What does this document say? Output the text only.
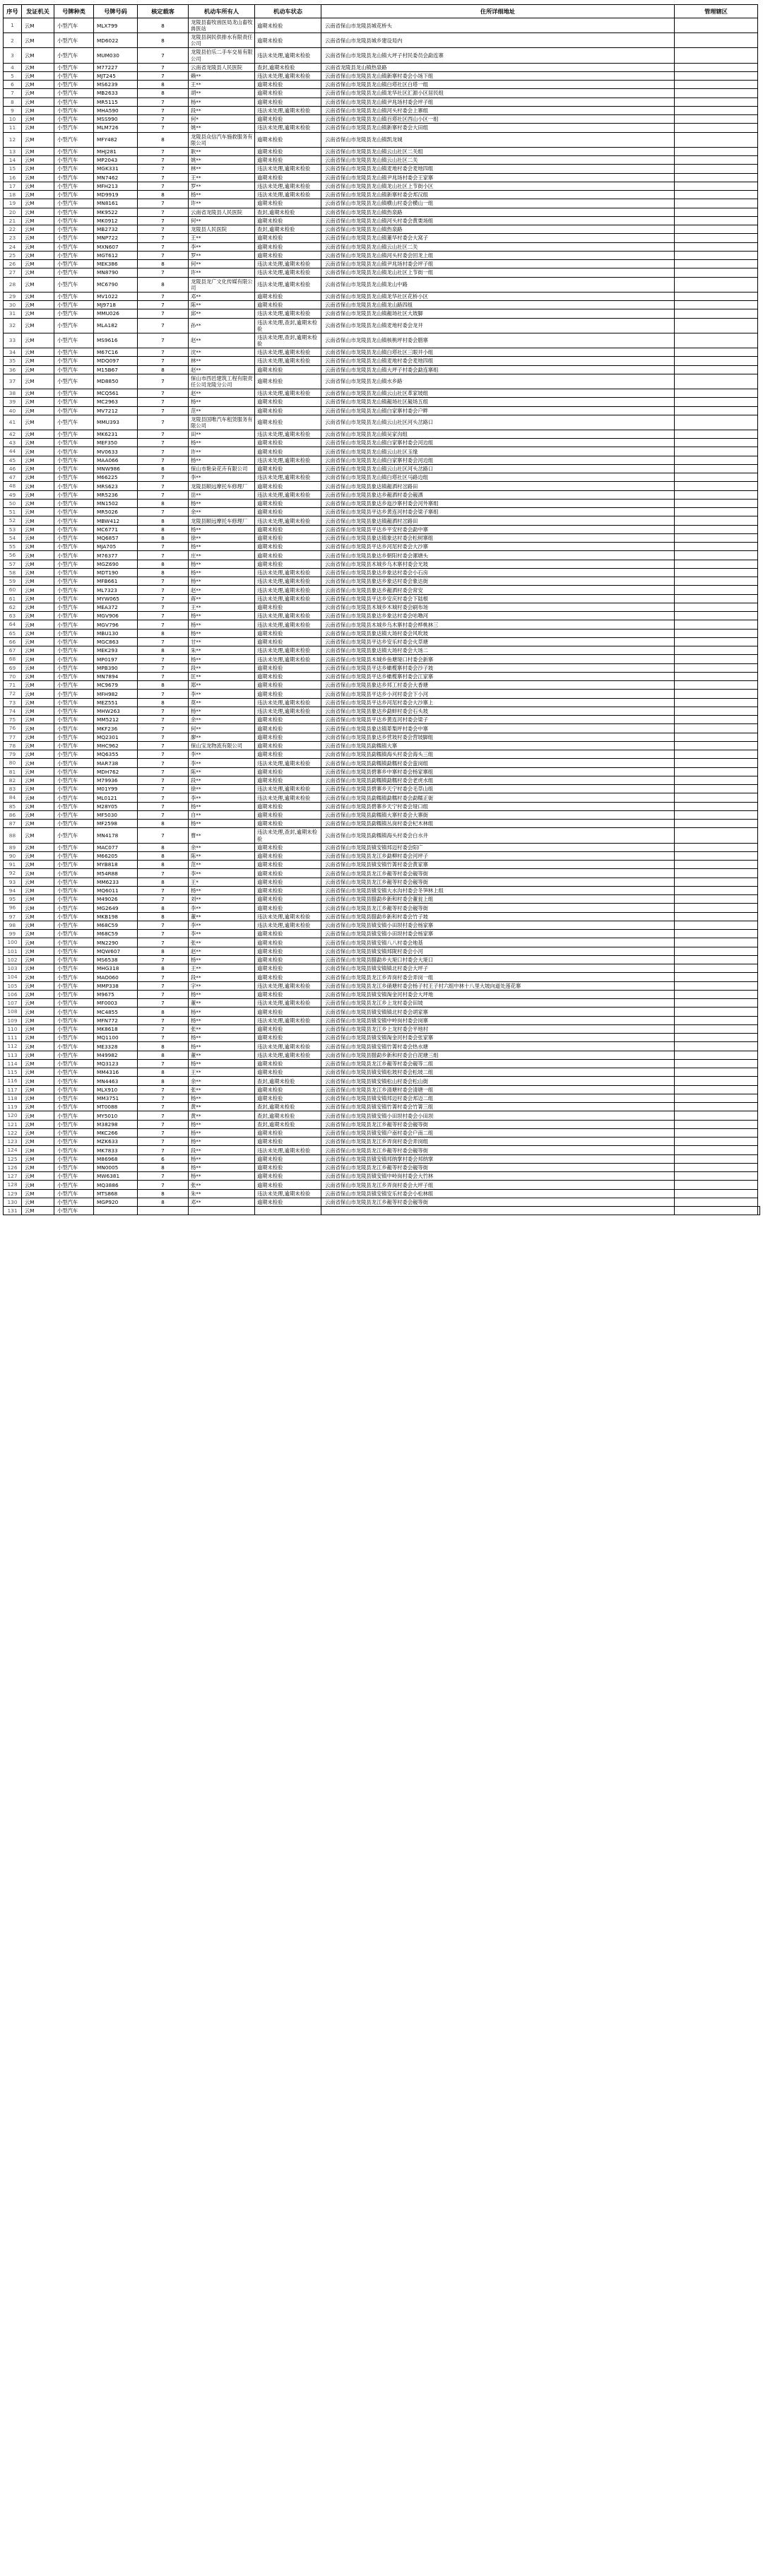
序号	发证机关	号牌种类	号牌号码	核定载客	机动车所有人	机动车状态	住所详细地址	管理辖区	
1	云M	小型汽车	MLX799	8	龙陵县畜牧兽医局龙山畜牧兽医站	逾期未检验	云南省保山市龙陵县城花桥头		
2	云M	小型汽车	MD6022	8	龙陵县润民供排水有限责任公司	逾期未检验	云南省保山市龙陵县城乡建设局内		
3	云M	小型汽车	MUM030	7	龙陵县伯乐二手车交易有限公司	违法未处理,逾期未检验	云南省保山市龙陵县龙山镇大坪子村民委员会勐连寨		
4	云M	小型汽车	M77227	7	云南省龙陵县人民医院	查封,逾期未检验	云南省龙陵县龙山镇热泉路		
5	云M	小型汽车	MJT245	7	赖**	违法未处理,逾期未检验	云南省保山市龙陵县龙山镇新寨村委会小场下组		
6	云M	小型汽车	MS6239	8	王**	逾期未检验	云南省保山市龙陵县龙山镇白塔社区白塔一组		
7	云M	小型汽车	MB2633	8	胡**	逾期未检验	云南省保山市龙陵县龙山镇龙华社区汇源小区居民组		
8	云M	小型汽车	MR5115	7	杨**	逾期未检验	云南省保山市龙陵县龙山镇尹兆场村委会坪子组		
9	云M	小型汽车	MHA590	7	段**	违法未处理,逾期未检验	云南省保山市龙陵县龙山镇河头村委会上寨组		
10	云M	小型汽车	MSS990	7	何*	逾期未检验	云南省保山市龙陵县龙山镇百塔社区西山小区一组		
11	云M	小型汽车	MLM726	7	姚**	违法未处理,逾期未检验	云南省保山市龙陵县龙山镇新寨村委会大田组		
12	云M	小型汽车	MFY482	8	龙陵县众信汽车施救服务有限公司	逾期未检验	云南省保山市龙陵县龙山镇凯龙城		
13	云M	小型汽车	MHJ281	7	耿**	逾期未检验	云南省保山市龙陵县龙山镇云山社区二关组		
14	云M	小型汽车	MP2043	7	姚**	逾期未检验	云南省保山市龙陵县龙山镇云山社区二关		
15	云M	小型汽车	MGK331	7	林**	违法未处理,逾期未检验	云南省保山市龙陵县龙山镇麦地村委会麦地四组		
16	云M	小型汽车	MN7462	7	王**	逾期未检验	云南省保山市龙陵县龙山镇尹兆场村委会王家寨		
17	云M	小型汽车	MFH213	7	罗**	违法未处理,逾期未检验	云南省保山市龙陵县龙山镇龙山社区上节街小区		
18	云M	小型汽车	MD9919	8	杨**	违法未处理,逾期未检验	云南省保山市龙陵县龙山镇新寨村委会邦汉组		
19	云M	小型汽车	MN8161	7	许**	逾期未检验	云南省保山市龙陵县龙山镇横山村委会横山一组		
20	云M	小型汽车	MK9522	7	云南省龙陵县人民医院	查封,逾期未检验	云南省保山市龙陵县龙山镇热泉路		
21	云M	小型汽车	MK0912	7	何**	逾期未检验	云南省保山市龙陵县龙山镇河头村委会黄栗场组		
22	云M	小型汽车	MB2732	7	龙陵县人民医院	查封,逾期未检验	云南省保山市龙陵县龙山镇热泉路		
23	云M	小型汽车	MNP722	7	王**	逾期未检验	云南省保山市龙陵县龙山镇董华村委会大窝子		
24	云M	小型汽车	MXN607	7	李**	逾期未检验	云南省保山市龙陵县龙山镇云山社区二关		
25	云M	小型汽车	MGT612	7	罗**	逾期未检验	云南省保山市龙陵县龙山镇河头村委会回龙上组		
26	云M	小型汽车	MEK386	8	何**	违法未处理,逾期未检验	云南省保山市龙陵县龙山镇尹兆场村委会坪子组		
27	云M	小型汽车	MN8790	7	许**	违法未处理,逾期未检验	云南省保山市龙陵县龙山镇龙山社区上节街一组		
28	云M	小型汽车	MC6790	8	龙陵县龙广文化传媒有限公司	违法未处理,逾期未检验	云南省保山市龙陵县龙山镇龙山中路		
29	云M	小型汽车	MV1022	7	邓**	逾期未检验	云南省保山市龙陵县龙山镇龙华社区花桥小区		
30	云M	小型汽车	MJ9718	7	陈**	逾期未检验	云南省保山市龙陵县龙山镇龙山路四组		
31	云M	小型汽车	MMU026	7	邱**	违法未处理,逾期未检验	云南省保山市龙陵县龙山镇赧场社区大坡脚		
32	云M	小型汽车	MLA182	7	孙**	违法未处理,查封,逾期未检验	云南省保山市龙陵县龙山镇麦地村委会龙井		
33	云M	小型汽车	MS9616	7	赵**	违法未处理,查封,逾期未检验	云南省保山市龙陵县龙山镇核桃坪村委会腊寨		
34	云M	小型汽车	M67C16	7	沈**	违法未处理,逾期未检验	云南省保山市龙陵县龙山镇白塔社区三眼井小组		
35	云M	小型汽车	MDQ097	7	林**	违法未处理,逾期未检验	云南省保山市龙陵县龙山镇麦地村委会麦地四组		
36	云M	小型汽车	M15B67	8	赵**	逾期未检验	云南省保山市龙陵县龙山镇大坪子村委会勐连寨组		
37	云M	小型汽车	MD8850	7	保山市西邑建筑工程有限责任公司龙陵分公司	逾期未检验	云南省保山市龙陵县龙山镇水乡路		
38	云M	小型汽车	MCQ561	7	赵**	违法未处理,逾期未检验	云南省保山市龙陵县龙山镇云山社区革家坡组		
39	云M	小型汽车	MC2963	7	杨**	逾期未检验	云南省保山市龙陵县龙山镇赧场社区赧场五组		
40	云M	小型汽车	MV7212	7	范**	逾期未检验	云南省保山市龙陵县龙山镇白家寨村委会户畔		
41	云M	小型汽车	MMU393	7	龙陵县国唯汽车租赁服务有限公司	逾期未检验	云南省保山市龙陵县龙山镇云山社区河头岔路口		
42	云M	小型汽车	MK6231	7	田**	违法未处理,逾期未检验	云南省保山市龙陵县龙山镇吴家沟组		
43	云M	小型汽车	MEF350	7	杨**	逾期未检验	云南省保山市龙陵县龙山镇白家寨村委会河边组		
44	云M	小型汽车	MV0633	7	许**	逾期未检验	云南省保山市龙陵县龙山镇云山社区玉缘		
45	云M	小型汽车	MAA066	7	杨**	违法未处理,逾期未检验	云南省保山市龙陵县龙山镇白家寨村委会河边组		
46	云M	小型汽车	MNW986	8	保山市艳朵花卉有限公司	逾期未检验	云南省保山市龙陵县龙山镇云山社区河头岔路口		
47	云M	小型汽车	M66225	7	李**	违法未处理,逾期未检验	云南省保山市龙陵县龙山镇白塔社区马路边组		
48	云M	小型汽车	MRS623	7	龙陵县顺远摩托车修理厂	逾期未检验	云南省保山市龙陵县象达镇赧洒村岔路田		
49	云M	小型汽车	MR5236	7	岳**	违法未处理,逾期未检验	云南省保山市龙陵县象达乡赧洒村委会赧洒		
50	云M	小型汽车	MN1502	8	杨**	逾期未检验	云南省保山市龙陵县象达乡迤沙寨村委会河外寨组		
51	云M	小型汽车	MR5026	7	余**	逾期未检验	云南省保山市龙陵县平达乡黄连河村委会梁子寨组		
52	云M	小型汽车	MBW412	8	龙陵县顺远摩托车修理厂	违法未处理,逾期未检验	云南省保山市龙陵县象达镇赧洒村岔路田		
53	云M	小型汽车	MC6771	8	杨**	逾期未检验	云南省保山市龙陵县平达乡平安村委会勐中寨		
54	云M	小型汽车	MQ6857	8	徐**	逾期未检验	云南省保山市龙陵县象达镇象达村委会松树寨组		
55	云M	小型汽车	MJA705	7	杨**	逾期未检验	云南省保山市龙陵县平达乡河尾村委会大沙寨		
56	云M	小型汽车	M76377	7	庄**	逾期未检验	云南省保山市龙陵县象达乡朝阳村委会漯塘头		
57	云M	小型汽车	MGZ690	8	杨**	逾期未检验	云南省保山市龙陵县木城乡乌木寨村委会光坡		
58	云M	小型汽车	MDT190	8	杨**	违法未处理,逾期未检验	云南省保山市龙陵县象达乡象达村委会小石房		
59	云M	小型汽车	MFB661	7	杨**	违法未处理,逾期未检验	云南省保山市龙陵县象达乡象达村委会象达街		
60	云M	小型汽车	ML7323	7	赵**	违法未处理,逾期未检验	云南省保山市龙陵县象达乡赧洒村委会常安		
61	云M	小型汽车	MYW065	7	蒋**	违法未处理,逾期未检验	云南省保山市龙陵县平达乡安庆村委会下陆根		
62	云M	小型汽车	MEA372	7	王**	逾期未检验	云南省保山市龙陵县木城乡木城村委会刷布场		
63	云M	小型汽车	MGV906	7	杨**	违法未处理,逾期未检验	云南省保山市龙陵县象达乡象达村委会咕噜河		
64	云M	小型汽车	MGV796	7	杨**	违法未处理,逾期未检验	云南省保山市龙陵县木城乡乌木寨村委会桦桃林三		
65	云M	小型汽车	MBU130	8	杨**	逾期未检验	云南省保山市龙陵县象达镇大场村委会风吹坡		
66	云M	小型汽车	MGC863	7	甘**	逾期未检验	云南省保山市龙陵县平达乡安乐村委会火草塘		
67	云M	小型汽车	MEK293	8	朱**	违法未处理,逾期未检验	云南省保山市龙陵县象达镇大场村委会大场二		
68	云M	小型汽车	MP0197	7	杨**	违法未处理,逾期未检验	云南省保山市龙陵县木城乡鱼塘垭口村委会新寨		
69	云M	小型汽车	MPB390	7	段**	逾期未检验	云南省保山市龙陵县平达乡橄榄寨村委会沙子坡		
70	云M	小型汽车	MN7894	7	匡**	逾期未检验	云南省保山市龙陵县平达乡橄榄寨村委会江家寨		
71	云M	小型汽车	MC9679	8	郑**	逾期未检验	云南省保山市龙陵县象达乡邦工村委会大香塘		
72	云M	小型汽车	MFH982	7	李**	逾期未检验	云南省保山市龙陵县平达乡小河村委会下小河		
73	云M	小型汽车	MEZ551	8	莫**	违法未处理,逾期未检验	云南省保山市龙陵县平达乡河尾村委会大沙寨上		
74	云M	小型汽车	MHW263	7	杨**	违法未处理,逾期未检验	云南省保山市龙陵县象达乡勐蚌村委会石头坡		
75	云M	小型汽车	MM5212	7	余**	逾期未检验	云南省保山市龙陵县平达乡黄连河村委会梁子		
76	云M	小型汽车	MKF236	7	何**	逾期未检验	云南省保山市龙陵县象达镇萆梨坪村委会中寨		
77	云M	小型汽车	MQ2301	7	廖**	逾期未检验	云南省保山市龙陵县象达乡营坡村委会营坡脚组		
78	云M	小型汽车	MHC962	7	保山宝龙物流有限公司	逾期未检验	云南省保山市龙陵县勐糯镇大寨		
79	云M	小型汽车	MQ6355	7	李**	逾期未检验	云南省保山市龙陵县勐糯镇海头村委会海头三组		
80	云M	小型汽车	MAR738	7	李**	违法未处理,逾期未检验	云南省保山市龙陵县勐糯镇勐糯村委会蛮岗组		
81	云M	小型汽车	MDH762	7	陈**	逾期未检验	云南省保山市龙陵县碧寨乡中寨村委会杨家寨组		
82	云M	小型汽车	M79936	7	段**	逾期未检验	云南省保山市龙陵县勐糯镇勐糯村委会老虎水组		
83	云M	小型汽车	M01Y99	7	徐**	违法未处理,逾期未检验	云南省保山市龙陵县碧寨乡天宁村委会毛草山组		
84	云M	小型汽车	ML0121	7	李**	违法未处理,逾期未检验	云南省保山市龙陵县勐糯镇勐糯村委会勐糯正街		
85	云M	小型汽车	M28Y05	7	杨**	逾期未检验	云南省保山市龙陵县碧寨乡天宁村委会垭口组		
86	云M	小型汽车	MF5030	7	自**	逾期未检验	云南省保山市龙陵县勐糯镇大寨村委会大寨街		
87	云M	小型汽车	MF2598	8	杨**	逾期未检验	云南省保山市龙陵县勐糯镇丛岗村委会杞木林组		
88	云M	小型汽车	MN4178	7	曹**	违法未处理,查封,逾期未检验	云南省保山市龙陵县勐糯镇海头村委会白水井		
89	云M	小型汽车	MAC077	8	余**	逾期未检验	云南省保山市龙陵县镇安镇邦迈村委会阳广		
90	云M	小型汽车	M66205	8	陈**	逾期未检验	云南省保山市龙陵县龙江乡勐柳村委会河坪子		
91	云M	小型汽车	MYB818	8	范**	逾期未检验	云南省保山市龙陵县镇安镇竹箐村委会黄家寨		
92	云M	小型汽车	M54R88	7	李**	逾期未检验	云南省保山市龙陵县龙江乡赧等村委会赧等街		
93	云M	小型汽车	MM6233	8	王*	逾期未检验	云南省保山市龙陵县龙江乡赧等村委会赧等街		
94	云M	小型汽车	MQ6011	7	杨**	逾期未检验	云南省保山市龙陵县镇安镇大水沟村委会冬笋林上组		
95	云M	小型汽车	M49026	7	刘**	逾期未检验	云南省保山市龙陵县腊勐乡新和村委会董瓮上组		
96	云M	小型汽车	MG2649	8	李**	逾期未检验	云南省保山市龙陵县龙江乡赧等村委会赧等街		
97	云M	小型汽车	MKB198	8	董**	违法未处理,逾期未检验	云南省保山市龙陵县腊勐乡新和村委会竹子坡		
98	云M	小型汽车	M68C59	7	李**	违法未处理,逾期未检验	云南省保山市龙陵县镇安镇小田坝村委会杨家寨		
99	云M	小型汽车	M68C59	7	李**	逾期未检验	云南省保山市龙陵县镇安镇小田坝村委会杨家寨		
100	云M	小型汽车	MN2290	7	张**	逾期未检验	云南省保山市龙陵县镇安镇八八村委会地基		
101	云M	小型汽车	MQW607	8	赵**	逾期未检验	云南省保山市龙陵县镇安镇邦陇村委会小河		
102	云M	小型汽车	MS6538	7	杨**	逾期未检验	云南省保山市龙陵县腊勐乡大垭口村委会大垭口		
103	云M	小型汽车	MHG318	8	王**	逾期未检验	云南省保山市龙陵县镇安镇镇北村委会大坪子		
104	云M	小型汽车	MAO060	7	段**	逾期未检验	云南省保山市龙陵县龙江乡弄岗村委会弄岗一组		
105	云M	小型汽车	MMP338	7	字**	违法未处理,逾期未检验	云南省保山市龙陵县龙江乡硝塘村委会杨子村王子村六组中林十八里大坡向道处莲花寨		
106	云M	小型汽车	M9675	7	杨**	逾期未检验	云南省保山市龙陵县镇安镇淘金河村委会大坪地		
107	云M	小型汽车	MF0003	7	董**	违法未处理,逾期未检验	云南省保山市龙陵县龙江乡上龙村委会田坡		
108	云M	小型汽车	MC4855	8	杨**	逾期未检验	云南省保山市龙陵县镇安镇镇北村委会胡家寨		
109	云M	小型汽车	MFN772	7	杨**	违法未处理,逾期未检验	云南省保山市龙陵县镇安镇中岭岗村委会岗寨		
110	云M	小型汽车	MK8618	7	张**	逾期未检验	云南省保山市龙陵县龙江乡上龙村委会平地村		
111	云M	小型汽车	MQ1100	7	杨**	逾期未检验	云南省保山市龙陵县镇安镇淘金河村委会张家寨		
112	云M	小型汽车	ME3328	8	杨**	违法未处理,逾期未检验	云南省保山市龙陵县镇安镇竹箐村委会热水塘		
113	云M	小型汽车	M49982	8	董**	违法未处理,逾期未检验	云南省保山市龙陵县腊勐乡新和村委会白泥塘三组		
114	云M	小型汽车	MQ3123	7	杨**	逾期未检验	云南省保山市龙陵县龙江乡赧等村委会赧等二组		
115	云M	小型汽车	MM4316	8	王**	逾期未检验	云南省保山市龙陵县镇安镇松坡村委会松坡二组		
116	云M	小型汽车	MN4463	8	余**	查封,逾期未检验	云南省保山市龙陵县镇安镇松山村委会松山街		
117	云M	小型汽车	MLX910	7	张**	逾期未检验	云南省保山市龙陵县龙江乡清塘村委会清塘一组		
118	云M	小型汽车	MM3751	7	杨**	逾期未检验	云南省保山市龙陵县镇安镇邦迈村委会邦迈二组		
119	云M	小型汽车	MT0088	7	黄**	查封,逾期未检验	云南省保山市龙陵县镇安镇竹箐村委会竹箐三组		
120	云M	小型汽车	MY5010	7	黄**	查封,逾期未检验	云南省保山市龙陵县镇安镇小田坝村委会小田坝		
121	云M	小型汽车	M38298	7	杨**	查封,逾期未检验	云南省保山市龙陵县龙江乡赧等村委会赧等街		
122	云M	小型汽车	MKC266	7	杨**	逾期未检验	云南省保山市龙陵县镇安镇户南村委会户南二组		
123	云M	小型汽车	MZK633	7	杨**	逾期未检验	云南省保山市龙陵县龙江乡弄岗村委会弄岗组		
124	云M	小型汽车	MK7833	7	段**	违法未处理,逾期未检验	云南省保山市龙陵县龙江乡赧等村委会赧等街		
125	云M	小型汽车	M86968	6	杨**	逾期未检验	云南省保山市龙陵县镇安镇邦纳掌村委会邦纳掌		
126	云M	小型汽车	MN0005	8	杨**	逾期未检验	云南省保山市龙陵县龙江乡赧等村委会赧等街		
127	云M	小型汽车	MW6381	7	杨**	逾期未检验	云南省保山市龙陵县镇安镇中岭岗村委会大竹林		
128	云M	小型汽车	MQ3886	7	张**	逾期未检验	云南省保山市龙陵县龙江乡弄岗村委会大坪子组		
129	云M	小型汽车	MTS868	8	朱**	违法未处理,逾期未检验	云南省保山市龙陵县镇安镇安乐村委会小松林组		
130	云M	小型汽车	MGP920	8	邓**	逾期未检验	云南省保山市龙陵县龙江乡赧等村委会赧等街		
131	云M	小型汽车							
